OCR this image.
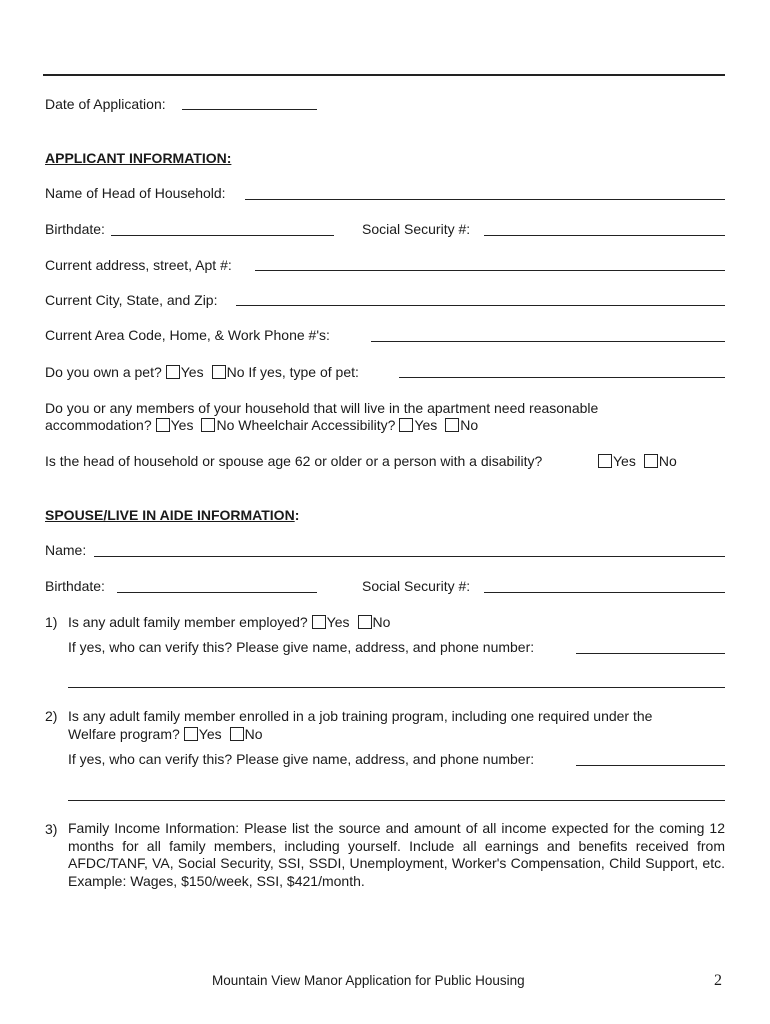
Date of Application:
APPLICANT INFORMATION:
Name of Head of Household:
Birthdate:	Social Security #:
Current address, street, Apt #:
Current City, State, and Zip:
Current Area Code, Home, & Work Phone #'s:
Do you own a pet? Yes No If yes, type of pet:
Do you or any members of your household that will live in the apartment need reasonable
accommodation? Yes No Wheelchair Accessibility? Yes No
Is the head of household or spouse age 62 or older or a person with a disability?	Yes No
SPOUSE/LIVE IN AIDE INFORMATION:
Name:
Birthdate:	Social Security #:
1) Is any adult family member employed? Yes No
If yes, who can verify this? Please give name, address, and phone number:
2) Is any adult family member enrolled in a job training program, including one required under the
Welfare program? Yes No
If yes, who can verify this? Please give name, address, and phone number:
3) Family Income Information: Please list the source and amount of all income expected for the coming 12 months for all family members, including yourself. Include all earnings and benefits received from AFDC/TANF, VA, Social Security, SSI, SSDI, Unemployment, Worker's Compensation, Child Support, etc. Example: Wages, $150/week, SSI, $421/month.
Mountain View Manor Application for Public Housing	2
